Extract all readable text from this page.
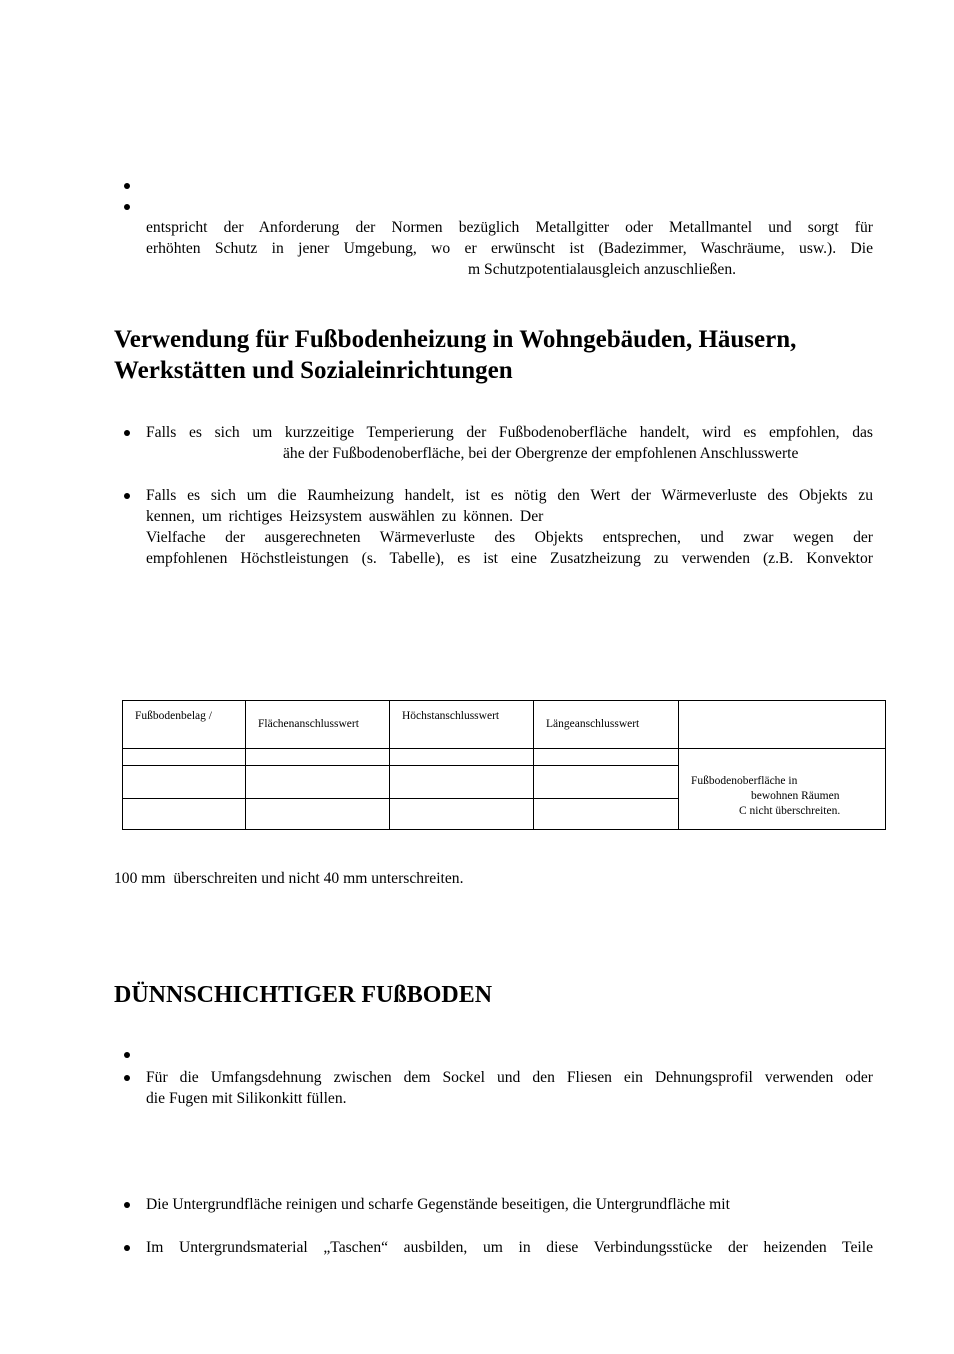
entspricht der Anforderung der Normen bezüglich Metallgitter oder Metallmantel und sorgt für
erhöhten Schutz in jener Umgebung, wo er erwünscht ist (Badezimmer, Waschräume, usw.). Die
m Schutzpotentialausgleich anzuschließen.
Verwendung für Fußbodenheizung in Wohngebäuden, Häusern,
Werkstätten und Sozialeinrichtungen
Falls es sich um kurzzeitige Temperierung der Fußbodenoberfläche handelt, wird es empfohlen, das
ähe der Fußbodenoberfläche, bei der Obergrenze der empfohlenen Anschlusswerte
Falls es sich um die Raumheizung handelt, ist es nötig den Wert der Wärmeverluste des Objekts zu
kennen, um richtiges Heizsystem auswählen zu können. Der
Vielfache der ausgerechneten Wärmeverluste des Objekts entsprechen, und zwar wegen der
empfohlenen Höchstleistungen (s. Tabelle), es ist eine Zusatzheizung zu verwenden (z.B. Konvektor
Fußbodenbelag /	Flächenanschlusswert	Höchstanschlusswert	Längeanschlusswert	

				Fußbodenoberfläche in
bewohnen Räumen
C nicht überschreiten.

100 mm  überschreiten und nicht 40 mm unterschreiten.
DÜNNSCHICHTIGER FUßBODEN
Für die Umfangsdehnung zwischen dem Sockel und den Fliesen ein Dehnungsprofil verwenden oder
die Fugen mit Silikonkitt füllen.
Die Untergrundfläche reinigen und scharfe Gegenstände beseitigen, die Untergrundfläche mit
Im Untergrundsmaterial „Taschen“ ausbilden, um in diese Verbindungsstücke der heizenden Teile
